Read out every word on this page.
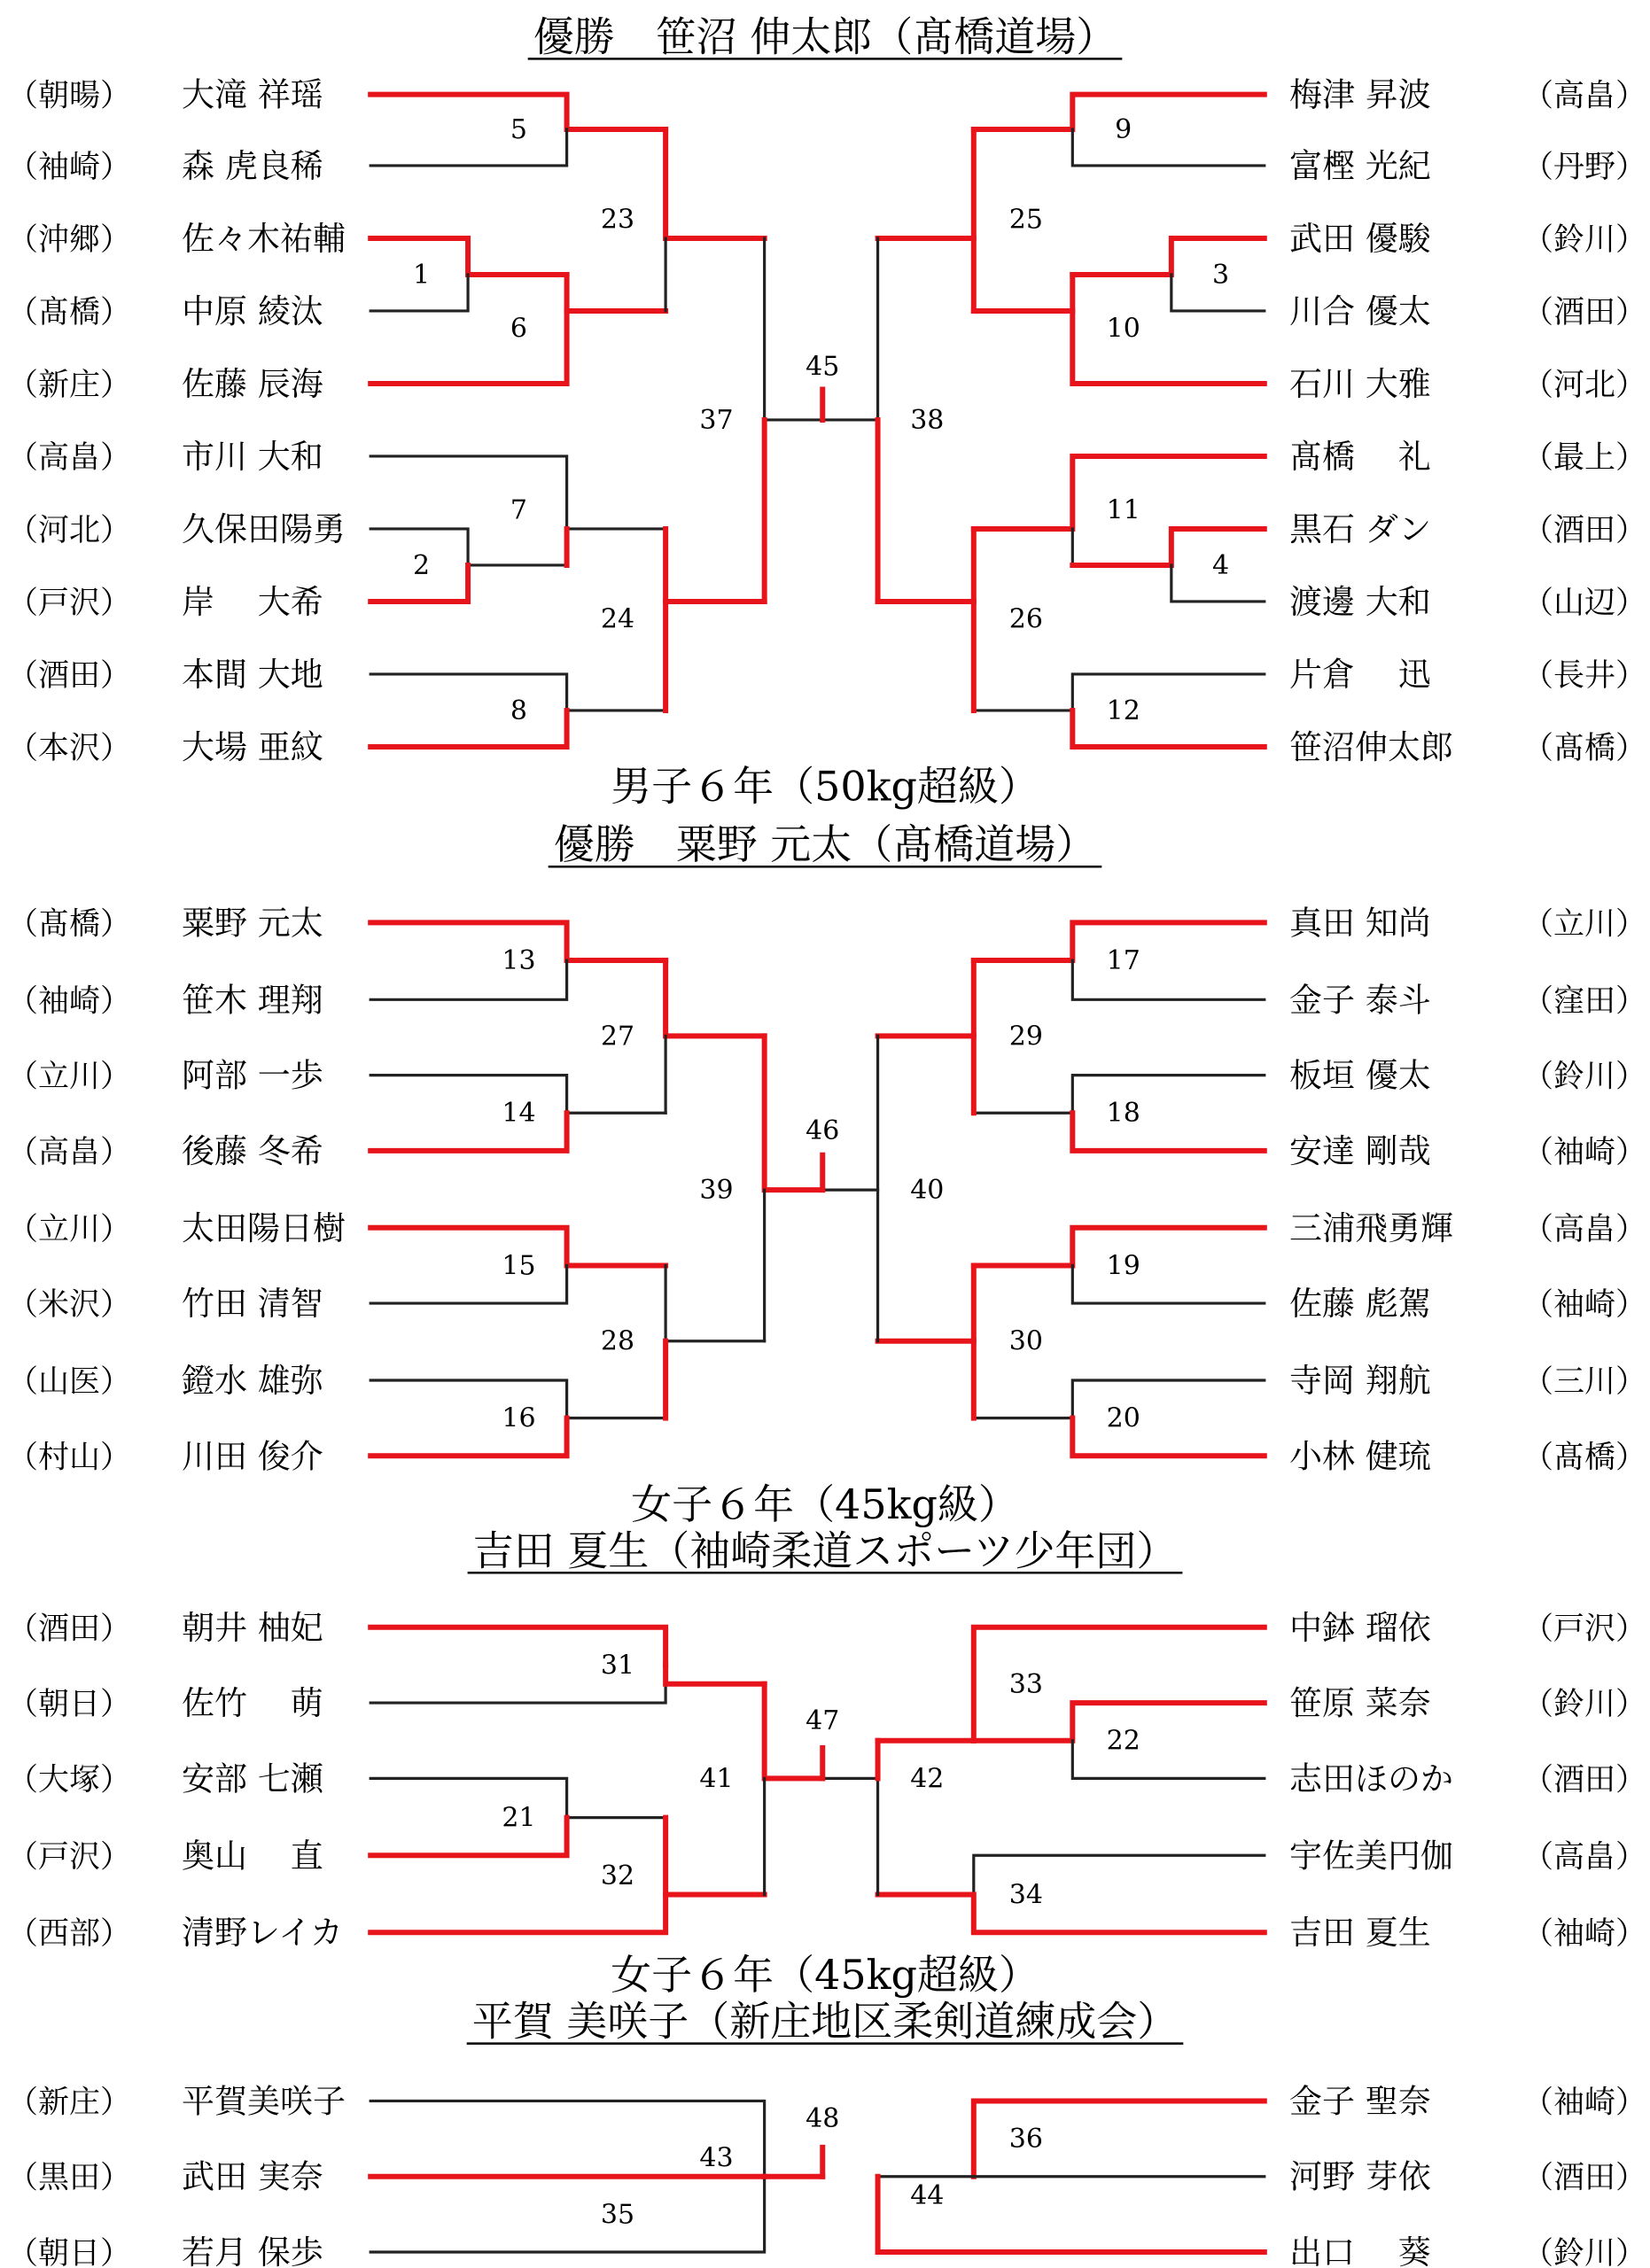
優勝　笹沼 伸太郎（髙橋道場）
（朝暘） 大滝 祥瑶
（袖崎） 森 虎良稀
（沖郷） 佐々木祐輔
（髙橋） 中原 綾汰
（新庄） 佐藤 辰海
（高畠） 市川 大和
（河北） 久保田陽勇
（戸沢） 岸　 大希
（酒田） 本間 大地
（本沢） 大場 亜紋
（高畠）
梅津 昇波
（丹野）
富樫 光紀
（鈴川）
武田 優駿
（酒田）
川合 優太
（河北）
石川 大雅
（最上）
髙橋　 礼
（酒田）
黒石 ダン
（山辺）
渡邊 大和
（長井）
片倉　 迅
（髙橋）
笹沼伸太郎
1
2
5
6
7
8
23
24
37
3
4
9
10
11
12
25
26
38
45
男子６年（50kg超級）
優勝　粟野 元太（髙橋道場）
（髙橋） 粟野 元太
（袖崎） 笹木 理翔
（立川） 阿部 一歩
（高畠） 後藤 冬希
（立川） 太田陽日樹
（米沢） 竹田 清智
（山医） 鐙水 雄弥
（村山） 川田 俊介
（立川）
真田 知尚
（窪田）
金子 泰斗
（鈴川）
板垣 優太
（袖崎）
安達 剛哉
（高畠）
三浦飛勇輝
（袖崎）
佐藤 彪駕
（三川）
寺岡 翔航
（髙橋）
小林 健琉
13
14
15
16
27
28
39
17
18
19
20
29
30
40
46
女子６年（45kg級）
吉田 夏生（袖崎柔道スポーツ少年団）
（酒田） 朝井 柚妃
（朝日） 佐竹　 萌
（大塚） 安部 七瀬
（戸沢） 奥山　 直
（西部） 清野レイカ
（戸沢）
中鉢 瑠依
（鈴川）
笹原 菜奈
（酒田）
志田ほのか
（高畠）
宇佐美円伽
（袖崎）
吉田 夏生
21
31
32
41
22
33
34
42
47
女子６年（45kg超級）
平賀 美咲子（新庄地区柔剣道練成会）
（新庄） 平賀美咲子
（黒田） 武田 実奈
（朝日） 若月 保歩
（袖崎）
金子 聖奈
（酒田）
河野 芽依
（鈴川）
出口　 葵
35
43
36
44
48
